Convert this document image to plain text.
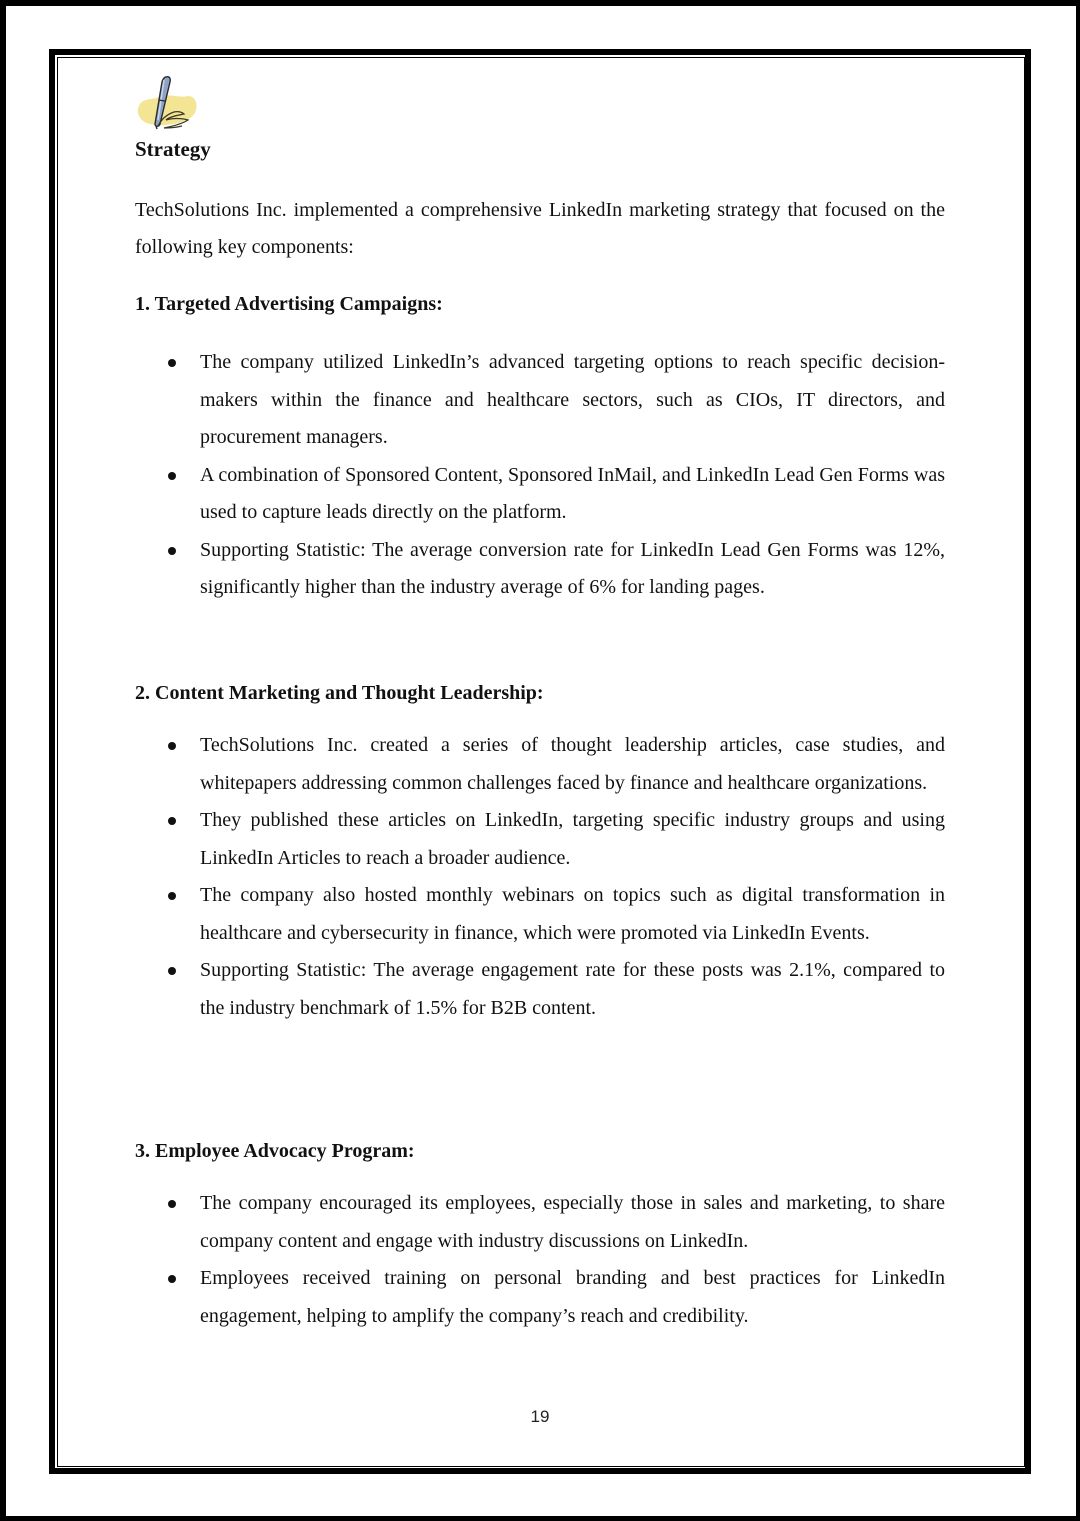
Strategy

TechSolutions Inc. implemented a comprehensive LinkedIn marketing strategy that focused on the following key components:

1. Targeted Advertising Campaigns:
The company utilized LinkedIn’s advanced targeting options to reach specific decision-makers within the finance and healthcare sectors, such as CIOs, IT directors, and procurement managers.
A combination of Sponsored Content, Sponsored InMail, and LinkedIn Lead Gen Forms was used to capture leads directly on the platform.
Supporting Statistic: The average conversion rate for LinkedIn Lead Gen Forms was 12%, significantly higher than the industry average of 6% for landing pages.
2. Content Marketing and Thought Leadership:
TechSolutions Inc. created a series of thought leadership articles, case studies, and whitepapers addressing common challenges faced by finance and healthcare organizations.
They published these articles on LinkedIn, targeting specific industry groups and using LinkedIn Articles to reach a broader audience.
The company also hosted monthly webinars on topics such as digital transformation in healthcare and cybersecurity in finance, which were promoted via LinkedIn Events.
Supporting Statistic: The average engagement rate for these posts was 2.1%, compared to the industry benchmark of 1.5% for B2B content.
3. Employee Advocacy Program:
The company encouraged its employees, especially those in sales and marketing, to share company content and engage with industry discussions on LinkedIn.
Employees received training on personal branding and best practices for LinkedIn engagement, helping to amplify the company’s reach and credibility.
19
